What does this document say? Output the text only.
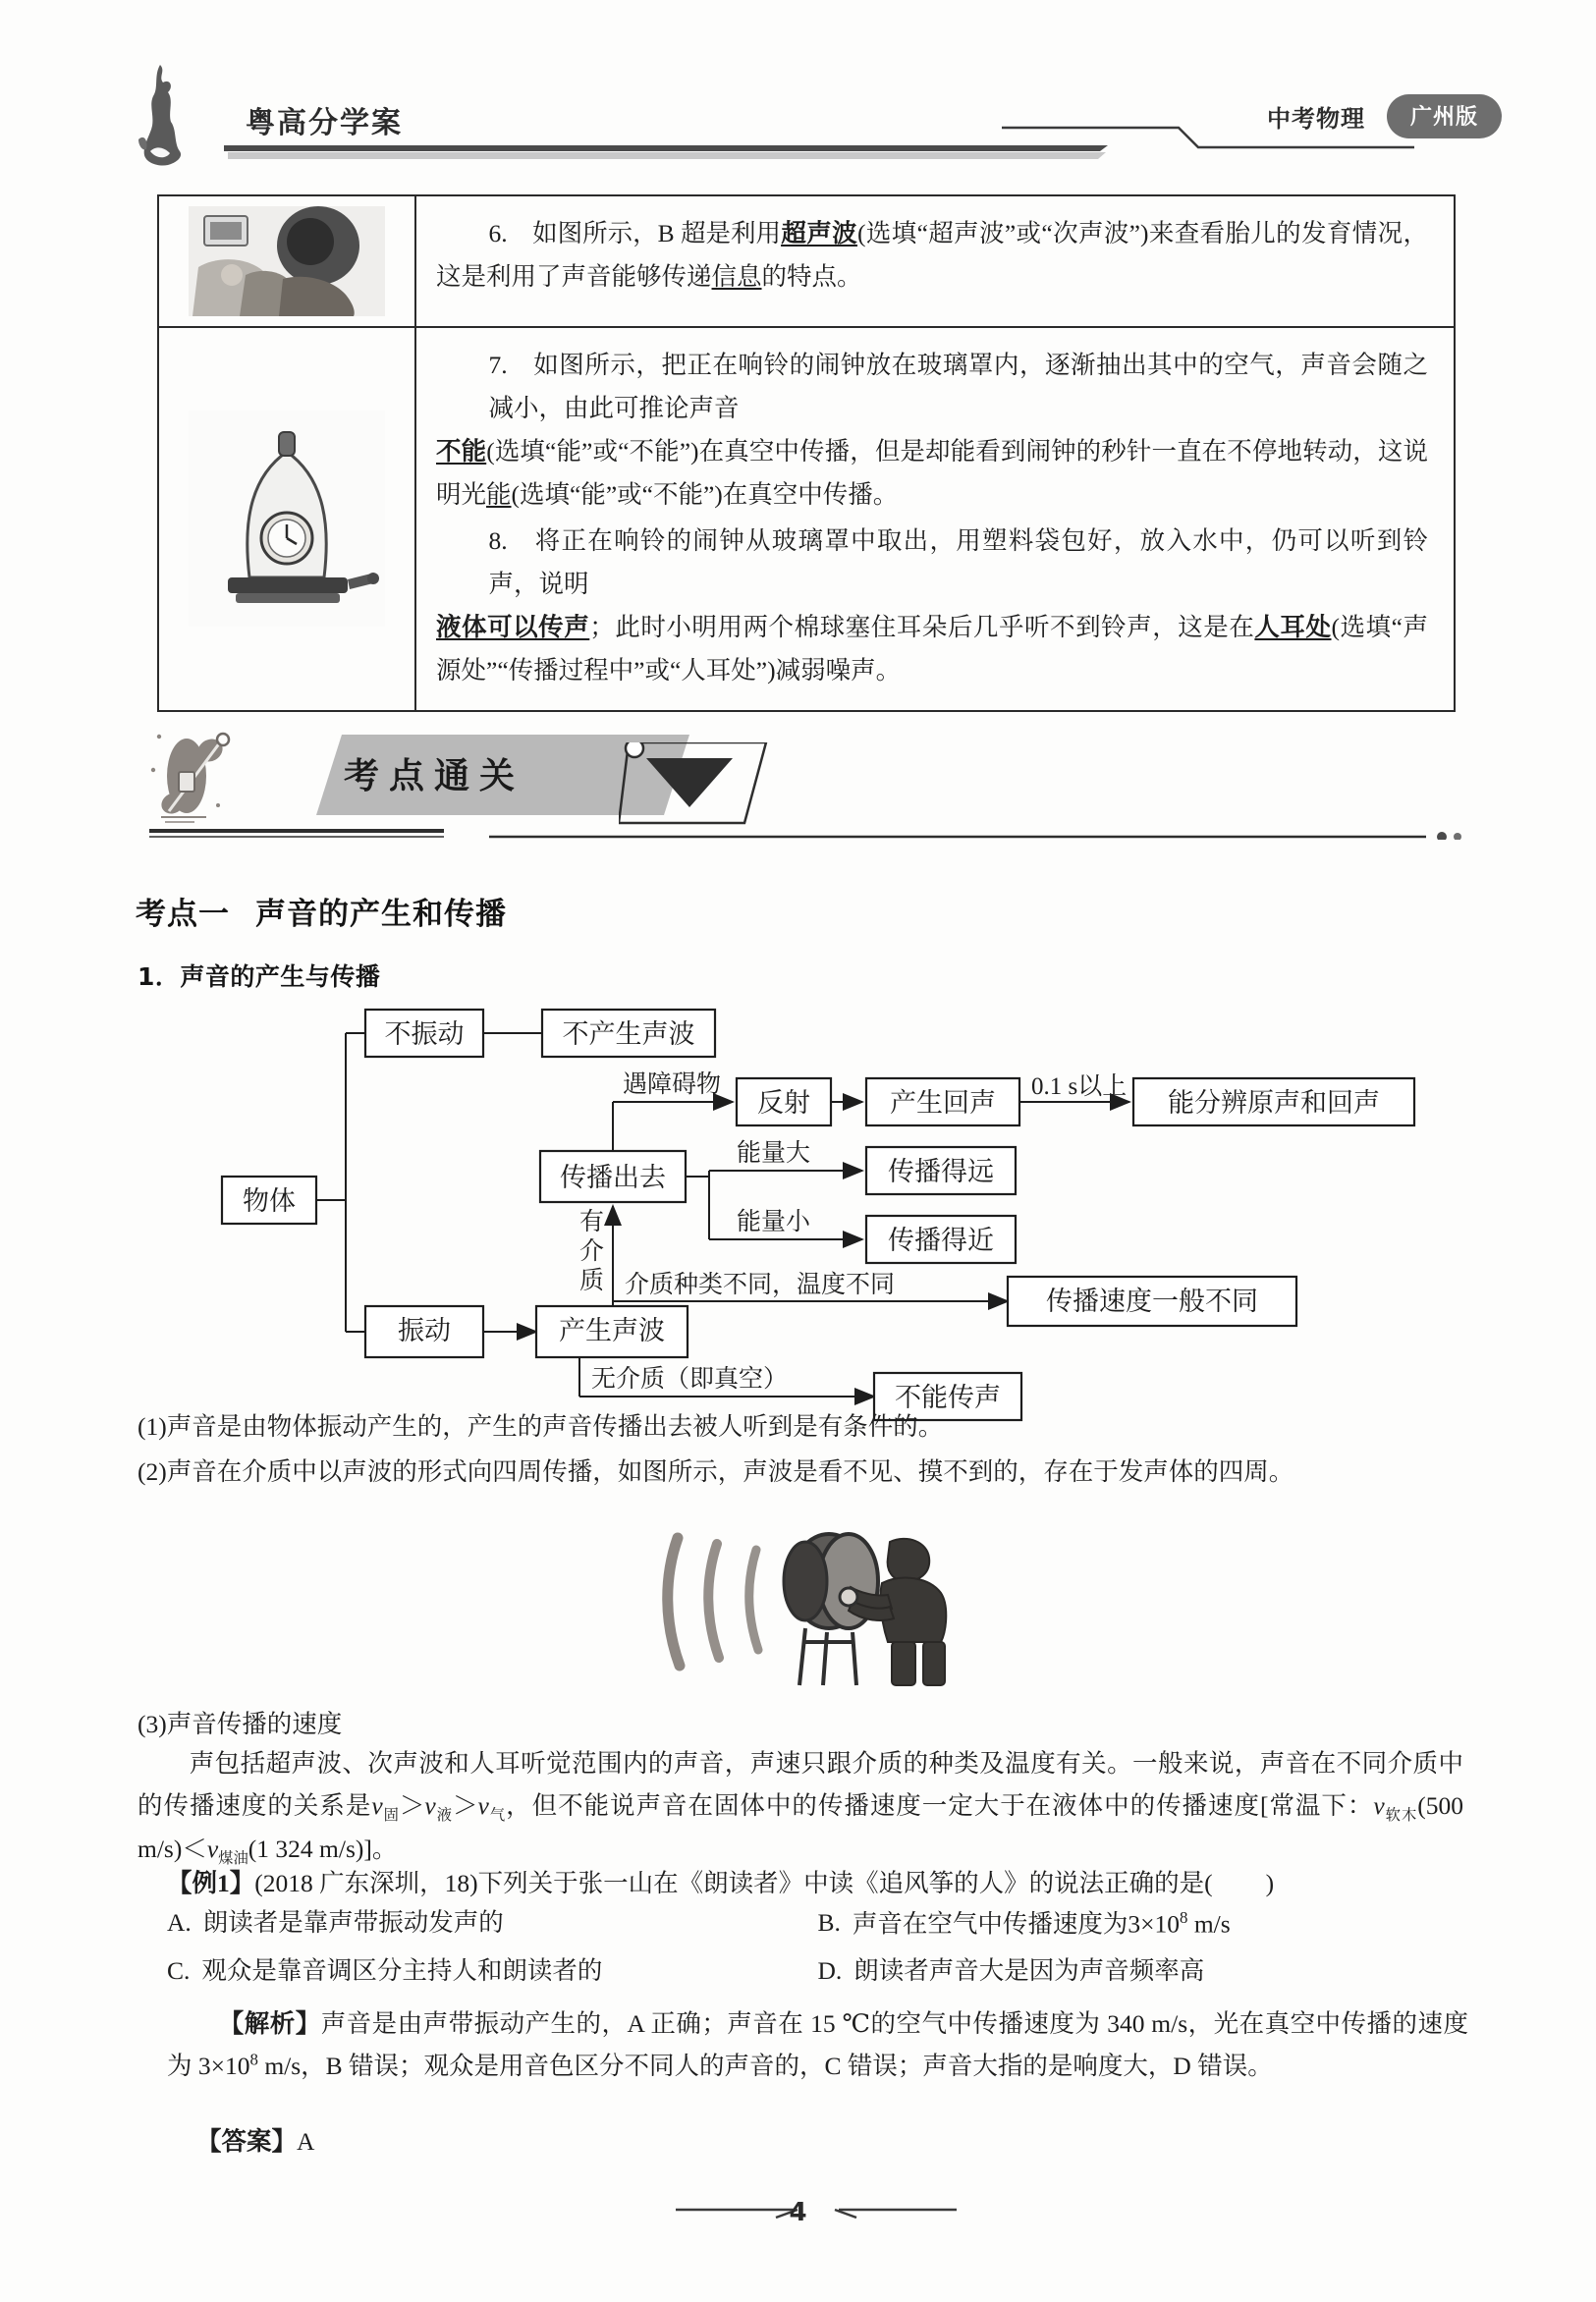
粤高分学案	中考物理	广州版
6.　如图所示，B 超是利用超声波(选填“超声波”或“次声波”)来查看胎儿的发育情况，这是利用了声音能够传递信息的特点。
7.　如图所示，把正在响铃的闹钟放在玻璃罩内，逐渐抽出其中的空气，声音会随之减小，由此可推论声音不能(选填“能”或“不能”)在真空中传播，但是却能看到闹钟的秒针一直在不停地转动，这说明光能(选填“能”或“不能”)在真空中传播。
8.　将正在响铃的闹钟从玻璃罩中取出，用塑料袋包好，放入水中，仍可以听到铃声，说明液体可以传声；此时小明用两个棉球塞住耳朵后几乎听不到铃声，这是在人耳处(选填“声源处”“传播过程中”或“人耳处”)减弱噪声。
考点通关
考点一 声音的产生和传播
1．声音的产生与传播
物体
不振动	不产生声波
传播出去
反射	产生回声	能分辨原声和回声
传播得远
传播得近
传播速度一般不同
振动	产生声波
不能传声
遇障碍物	0.1 s以上
能量大
能量小
介质种类不同，温度不同
无介质（即真空）
有
介
质
(1)声音是由物体振动产生的，产生的声音传播出去被人听到是有条件的。
(2)声音在介质中以声波的形式向四周传播，如图所示，声波是看不见、摸不到的，存在于发声体的四周。
(3)声音传播的速度
声包括超声波、次声波和人耳听觉范围内的声音，声速只跟介质的种类及温度有关。一般来说，声音在不同介质中的传播速度的关系是$v_固>v_液>v_气$，但不能说声音在固体中的传播速度一定大于在液体中的传播速度[常温下：$v_{软木}(500$ $m/s)<v_{煤油}(1$ 324 m/s)]。
【例1】(2018 广东深圳，18)下列关于张一山在《朗读者》中读《追风筝的人》的说法正确的是( )
A. 朗读者是靠声带振动发声的	B. 声音在空气中传播速度为$3\times 10^8$ m/s
C. 观众是靠音调区分主持人和朗读者的	D. 朗读者声音大是因为声音频率高
【解析】声音是由声带振动产生的，A 正确；声音在 15 ℃的空气中传播速度为 340 m/s，光在真空中传播的速度为 $3\times 10^8$ m/s，B 错误；观众是用音色区分不同人的声音的，C 错误；声音大指的是响度大，D 错误。
【答案】A
4
